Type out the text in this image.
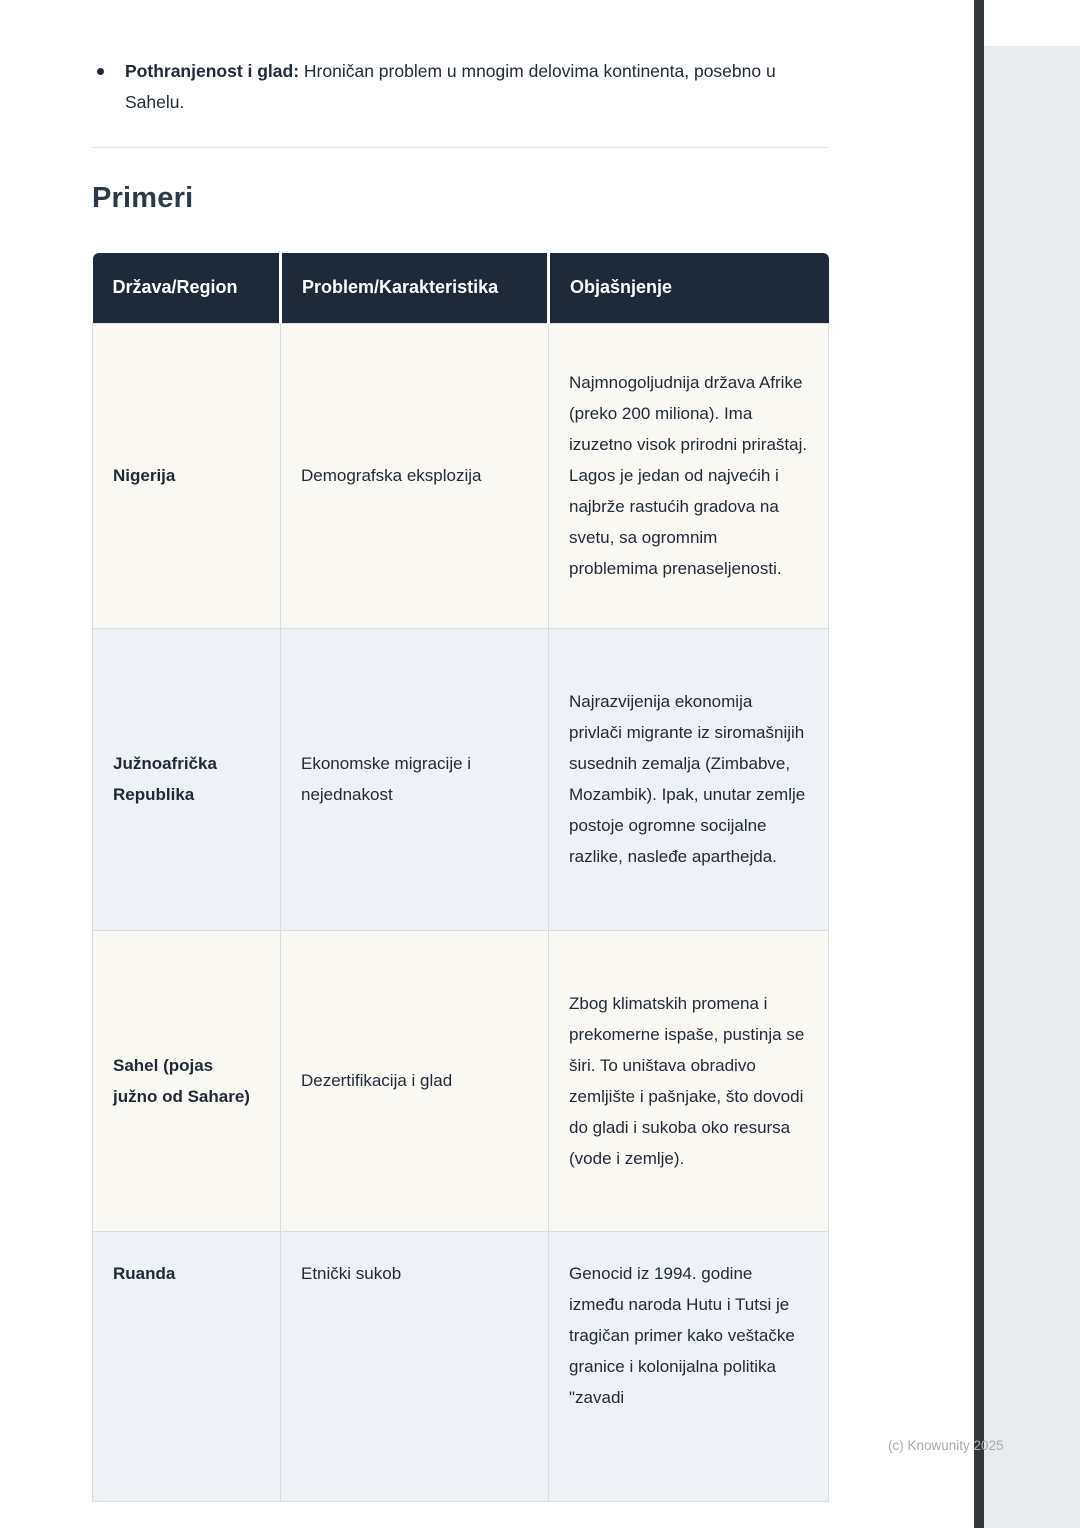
Pothranjenost i glad: Hroničan problem u mnogim delovima kontinenta, posebno u Sahelu.
Primeri
Država/Region	Problem/Karakteristika	Objašnjenje
Nigerija	Demografska eksplozija	Najmnogoljudnija država Afrike (preko 200 miliona). Ima izuzetno visok prirodni priraštaj. Lagos je jedan od najvećih i najbrže rastućih gradova na svetu, sa ogromnim problemima prenaseljenosti.
Južnoafrička Republika	Ekonomske migracije i nejednakost	Najrazvijenija ekonomija privlači migrante iz siromašnijih susednih zemalja (Zimbabve, Mozambik). Ipak, unutar zemlje postoje ogromne socijalne razlike, nasleđe aparthejda.
Sahel (pojas južno od Sahare)	Dezertifikacija i glad	Zbog klimatskih promena i prekomerne ispaše, pustinja se širi. To uništava obradivo zemljište i pašnjake, što dovodi do gladi i sukoba oko resursa (vode i zemlje).
Ruanda	Etnički sukob	Genocid iz 1994. godine između naroda Hutu i Tutsi je tragičan primer kako veštačke granice i kolonijalna politika "zavadi
(c) Knowunity 2025
